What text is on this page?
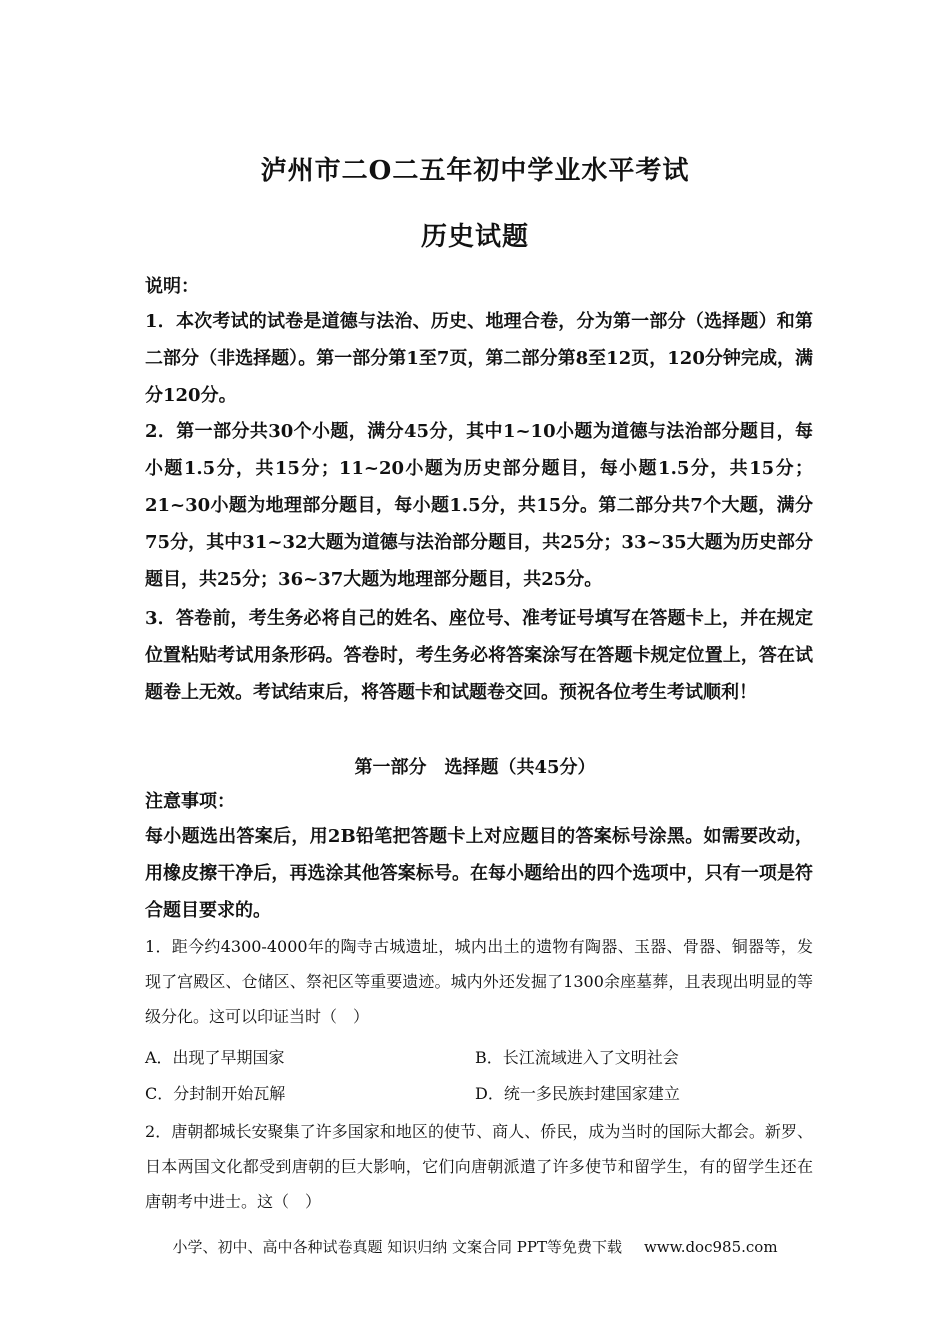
泸州市二O二五年初中学业水平考试
历史试题
说明：
1．本次考试的试卷是道德与法治、历史、地理合卷，分为第一部分（选择题）和第二部分（非选择题）。第一部分第1至7页，第二部分第8至12页，120分钟完成，满分120分。
2．第一部分共30个小题，满分45分，其中1~10小题为道德与法治部分题目，每小题1.5分，共15分；11~20小题为历史部分题目，每小题1.5分，共15分；21~30小题为地理部分题目，每小题1.5分，共15分。第二部分共7个大题，满分75分，其中31~32大题为道德与法治部分题目，共25分；33~35大题为历史部分题目，共25分；36~37大题为地理部分题目，共25分。
3．答卷前，考生务必将自己的姓名、座位号、准考证号填写在答题卡上，并在规定位置粘贴考试用条形码。答卷时，考生务必将答案涂写在答题卡规定位置上，答在试题卷上无效。考试结束后，将答题卡和试题卷交回。预祝各位考生考试顺利！
第一部分　选择题（共45分）
注意事项：
每小题选出答案后，用2B铅笔把答题卡上对应题目的答案标号涂黑。如需要改动，用橡皮擦干净后，再选涂其他答案标号。在每小题给出的四个选项中，只有一项是符合题目要求的。
1．距今约4300-4000年的陶寺古城遗址，城内出土的遗物有陶器、玉器、骨器、铜器等，发现了宫殿区、仓储区、祭祀区等重要遗迹。城内外还发掘了1300余座墓葬，且表现出明显的等级分化。这可以印证当时（　）
A．出现了早期国家	B．长江流域进入了文明社会
C．分封制开始瓦解	D．统一多民族封建国家建立
2．唐朝都城长安聚集了许多国家和地区的使节、商人、侨民，成为当时的国际大都会。新罗、日本两国文化都受到唐朝的巨大影响，它们向唐朝派遣了许多使节和留学生，有的留学生还在唐朝考中进士。这（　）
小学、初中、高中各种试卷真题 知识归纳 文案合同 PPT等免费下载 www.doc985.com
